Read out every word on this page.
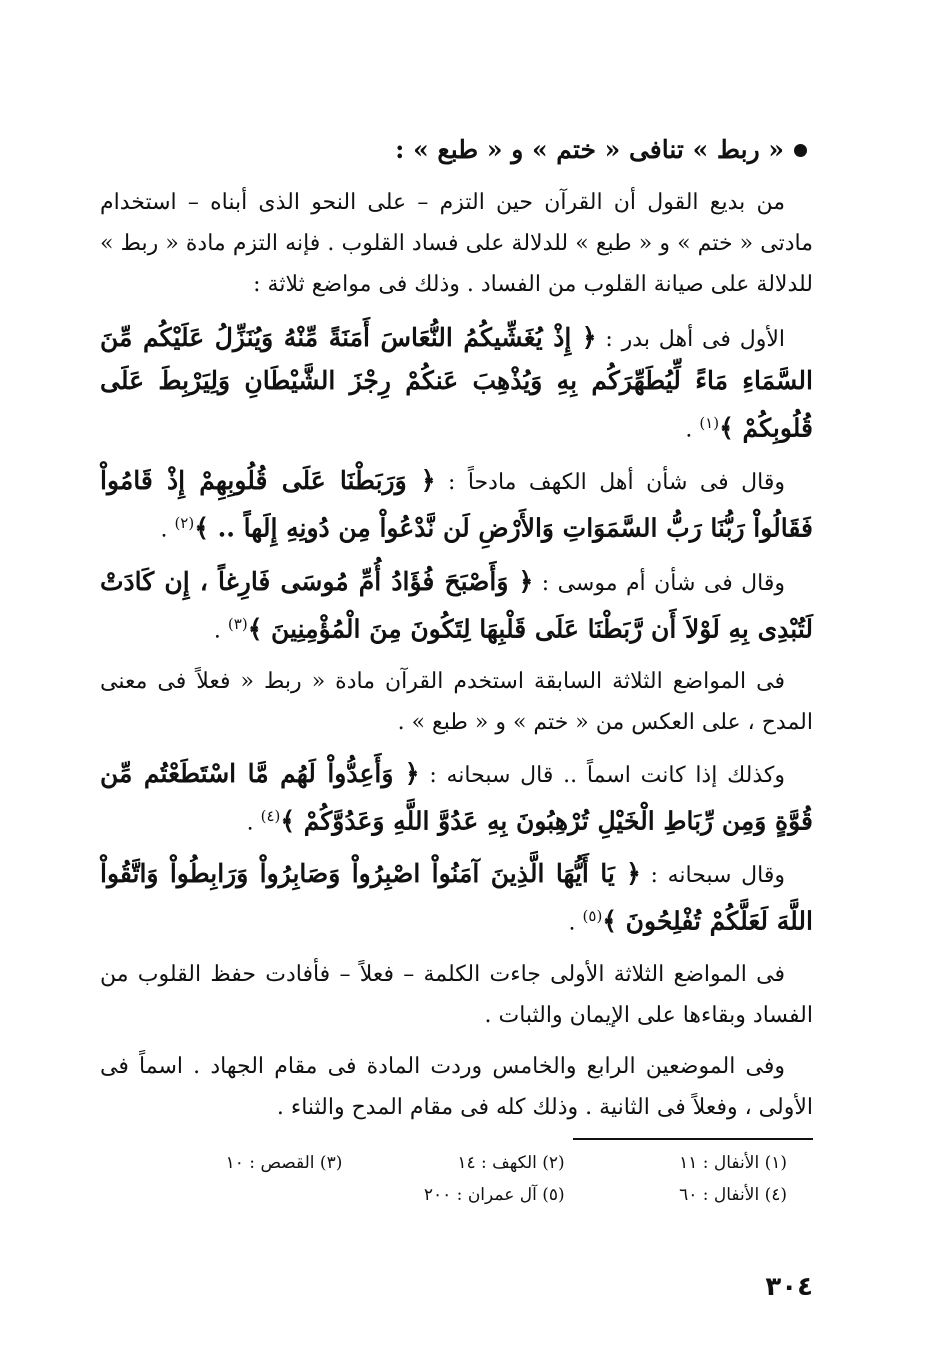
« ربط » تنافى « ختم » و « طبع » :

من بديع القول أن القرآن حين التزم – على النحو الذى أبناه – استخدام مادتى « ختم » و « طبع » للدلالة على فساد القلوب . فإنه التزم مادة « ربط » للدلالة على صيانة القلوب من الفساد . وذلك فى مواضع ثلاثة :

الأول فى أهل بدر : ﴿ إِذْ يُغَشِّيكُمُ النُّعَاسَ أَمَنَةً مِّنْهُ وَيُنَزِّلُ عَلَيْكُم مِّنَ السَّمَاءِ مَاءً لِّيُطَهِّرَكُم بِهِ وَيُذْهِبَ عَنكُمْ رِجْزَ الشَّيْطَانِ وَلِيَرْبِطَ عَلَى قُلُوبِكُمْ ﴾$^{(١)}$ .

وقال فى شأن أهل الكهف مادحاً : ﴿ وَرَبَطْنَا عَلَى قُلُوبِهِمْ إِذْ قَامُواْ فَقَالُواْ رَبُّنَا رَبُّ السَّمَوَاتِ وَالأَرْضِ لَن نَّدْعُواْ مِن دُونِهِ إِلَهاً .. ﴾$^{(٢)}$ .

وقال فى شأن أم موسى : ﴿ وَأَصْبَحَ فُؤَادُ أُمِّ مُوسَى فَارِغاً ، إِن كَادَتْ لَتُبْدِى بِهِ لَوْلاَ أَن رَّبَطْنَا عَلَى قَلْبِهَا لِتَكُونَ مِنَ الْمُؤْمِنِينَ ﴾$^{(٣)}$ .

فى المواضع الثلاثة السابقة استخدم القرآن مادة « ربط « فعلاً فى معنى المدح ، على العكس من « ختم » و « طبع » .

وكذلك إذا كانت اسماً .. قال سبحانه : ﴿ وَأَعِدُّواْ لَهُم مَّا اسْتَطَعْتُم مِّن قُوَّةٍ وَمِن رِّبَاطِ الْخَيْلِ تُرْهِبُونَ بِهِ عَدُوَّ اللَّهِ وَعَدُوَّكُمْ ﴾$^{(٤)}$ .

وقال سبحانه : ﴿ يَا أَيُّهَا الَّذِينَ آمَنُواْ اصْبِرُواْ وَصَابِرُواْ وَرَابِطُواْ وَاتَّقُواْ اللَّهَ لَعَلَّكُمْ تُفْلِحُونَ ﴾$^{(٥)}$ .

فى المواضع الثلاثة الأولى جاءت الكلمة – فعلاً – فأفادت حفظ القلوب من الفساد وبقاءها على الإيمان والثبات .

وفى الموضعين الرابع والخامس وردت المادة فى مقام الجهاد . اسماً فى الأولى ، وفعلاً فى الثانية . وذلك كله فى مقام المدح والثناء .

(١) الأنفال : ١١
(٢) الكهف : ١٤
(٣) القصص : ١٠
(٤) الأنفال : ٦٠
(٥) آل عمران : ٢٠٠
٣٠٤
